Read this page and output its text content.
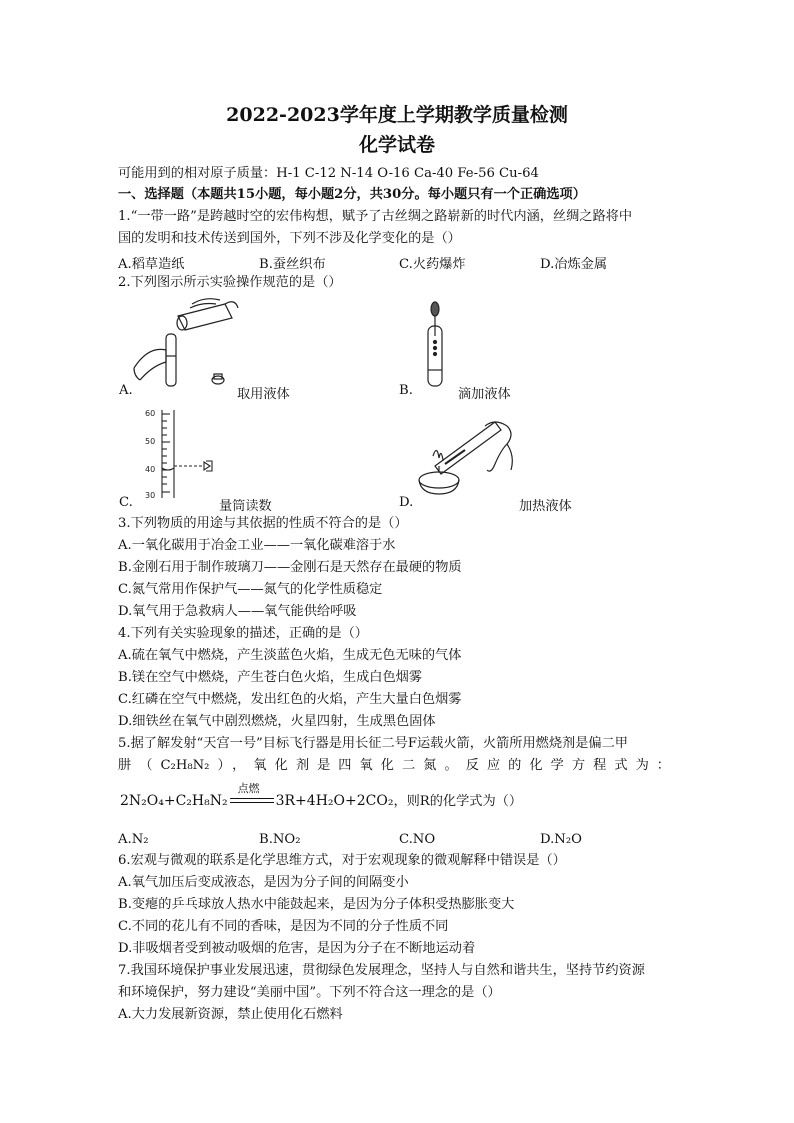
2022-2023学年度上学期教学质量检测
化学试卷
可能用到的相对原子质量：H-1 C-12 N-14 O-16 Ca-40 Fe-56 Cu-64
一、选择题（本题共15小题，每小题2分，共30分。每小题只有一个正确选项）
1.“一带一路”是跨越时空的宏伟构想，赋予了古丝绸之路崭新的时代内涵，丝绸之路将中
国的发明和技术传送到国外，下列不涉及化学变化的是（）
A.稻草造纸	B.蚕丝织布	C.火药爆炸	D.冶炼金属
2.下列图示所示实验操作规范的是（）
A.	取用液体	B.	滴加液体
60
50
40
30
C.	量筒读数	D.	加热液体
3.下列物质的用途与其依据的性质不符合的是（）
A.一氧化碳用于冶金工业——一氧化碳难溶于水
B.金刚石用于制作玻璃刀——金刚石是天然存在最硬的物质
C.氮气常用作保护气——氮气的化学性质稳定
D.氧气用于急救病人——氧气能供给呼吸
4.下列有关实验现象的描述，正确的是（）
A.硫在氧气中燃烧，产生淡蓝色火焰，生成无色无味的气体
B.镁在空气中燃烧，产生苍白色火焰，生成白色烟雾
C.红磷在空气中燃烧，发出红色的火焰，产生大量白色烟雾
D.细铁丝在氧气中剧烈燃烧，火星四射，生成黑色固体
5.据了解发射“天宫一号”目标飞行器是用长征二号F运载火箭，火箭所用燃烧剂是偏二甲
肼（C₂H₈N₂），氧化剂是四氧化二氮。反应的化学方程式为：
2N₂O₄+C₂H₈N₂
点燃
3R+4H₂O+2CO₂，则R的化学式为（）
A.N₂	B.NO₂	C.NO	D.N₂O
6.宏观与微观的联系是化学思维方式，对于宏观现象的微观解释中错误是（）
A.氧气加压后变成液态，是因为分子间的间隔变小
B.变瘪的乒乓球放人热水中能鼓起来，是因为分子体积受热膨胀变大
C.不同的花儿有不同的香味，是因为不同的分子性质不同
D.非吸烟者受到被动吸烟的危害，是因为分子在不断地运动着
7.我国环境保护事业发展迅速，贯彻绿色发展理念，坚持人与自然和谐共生，坚持节约资源
和环境保护，努力建设“美丽中国”。下列不符合这一理念的是（）
A.大力发展新资源，禁止使用化石燃料
